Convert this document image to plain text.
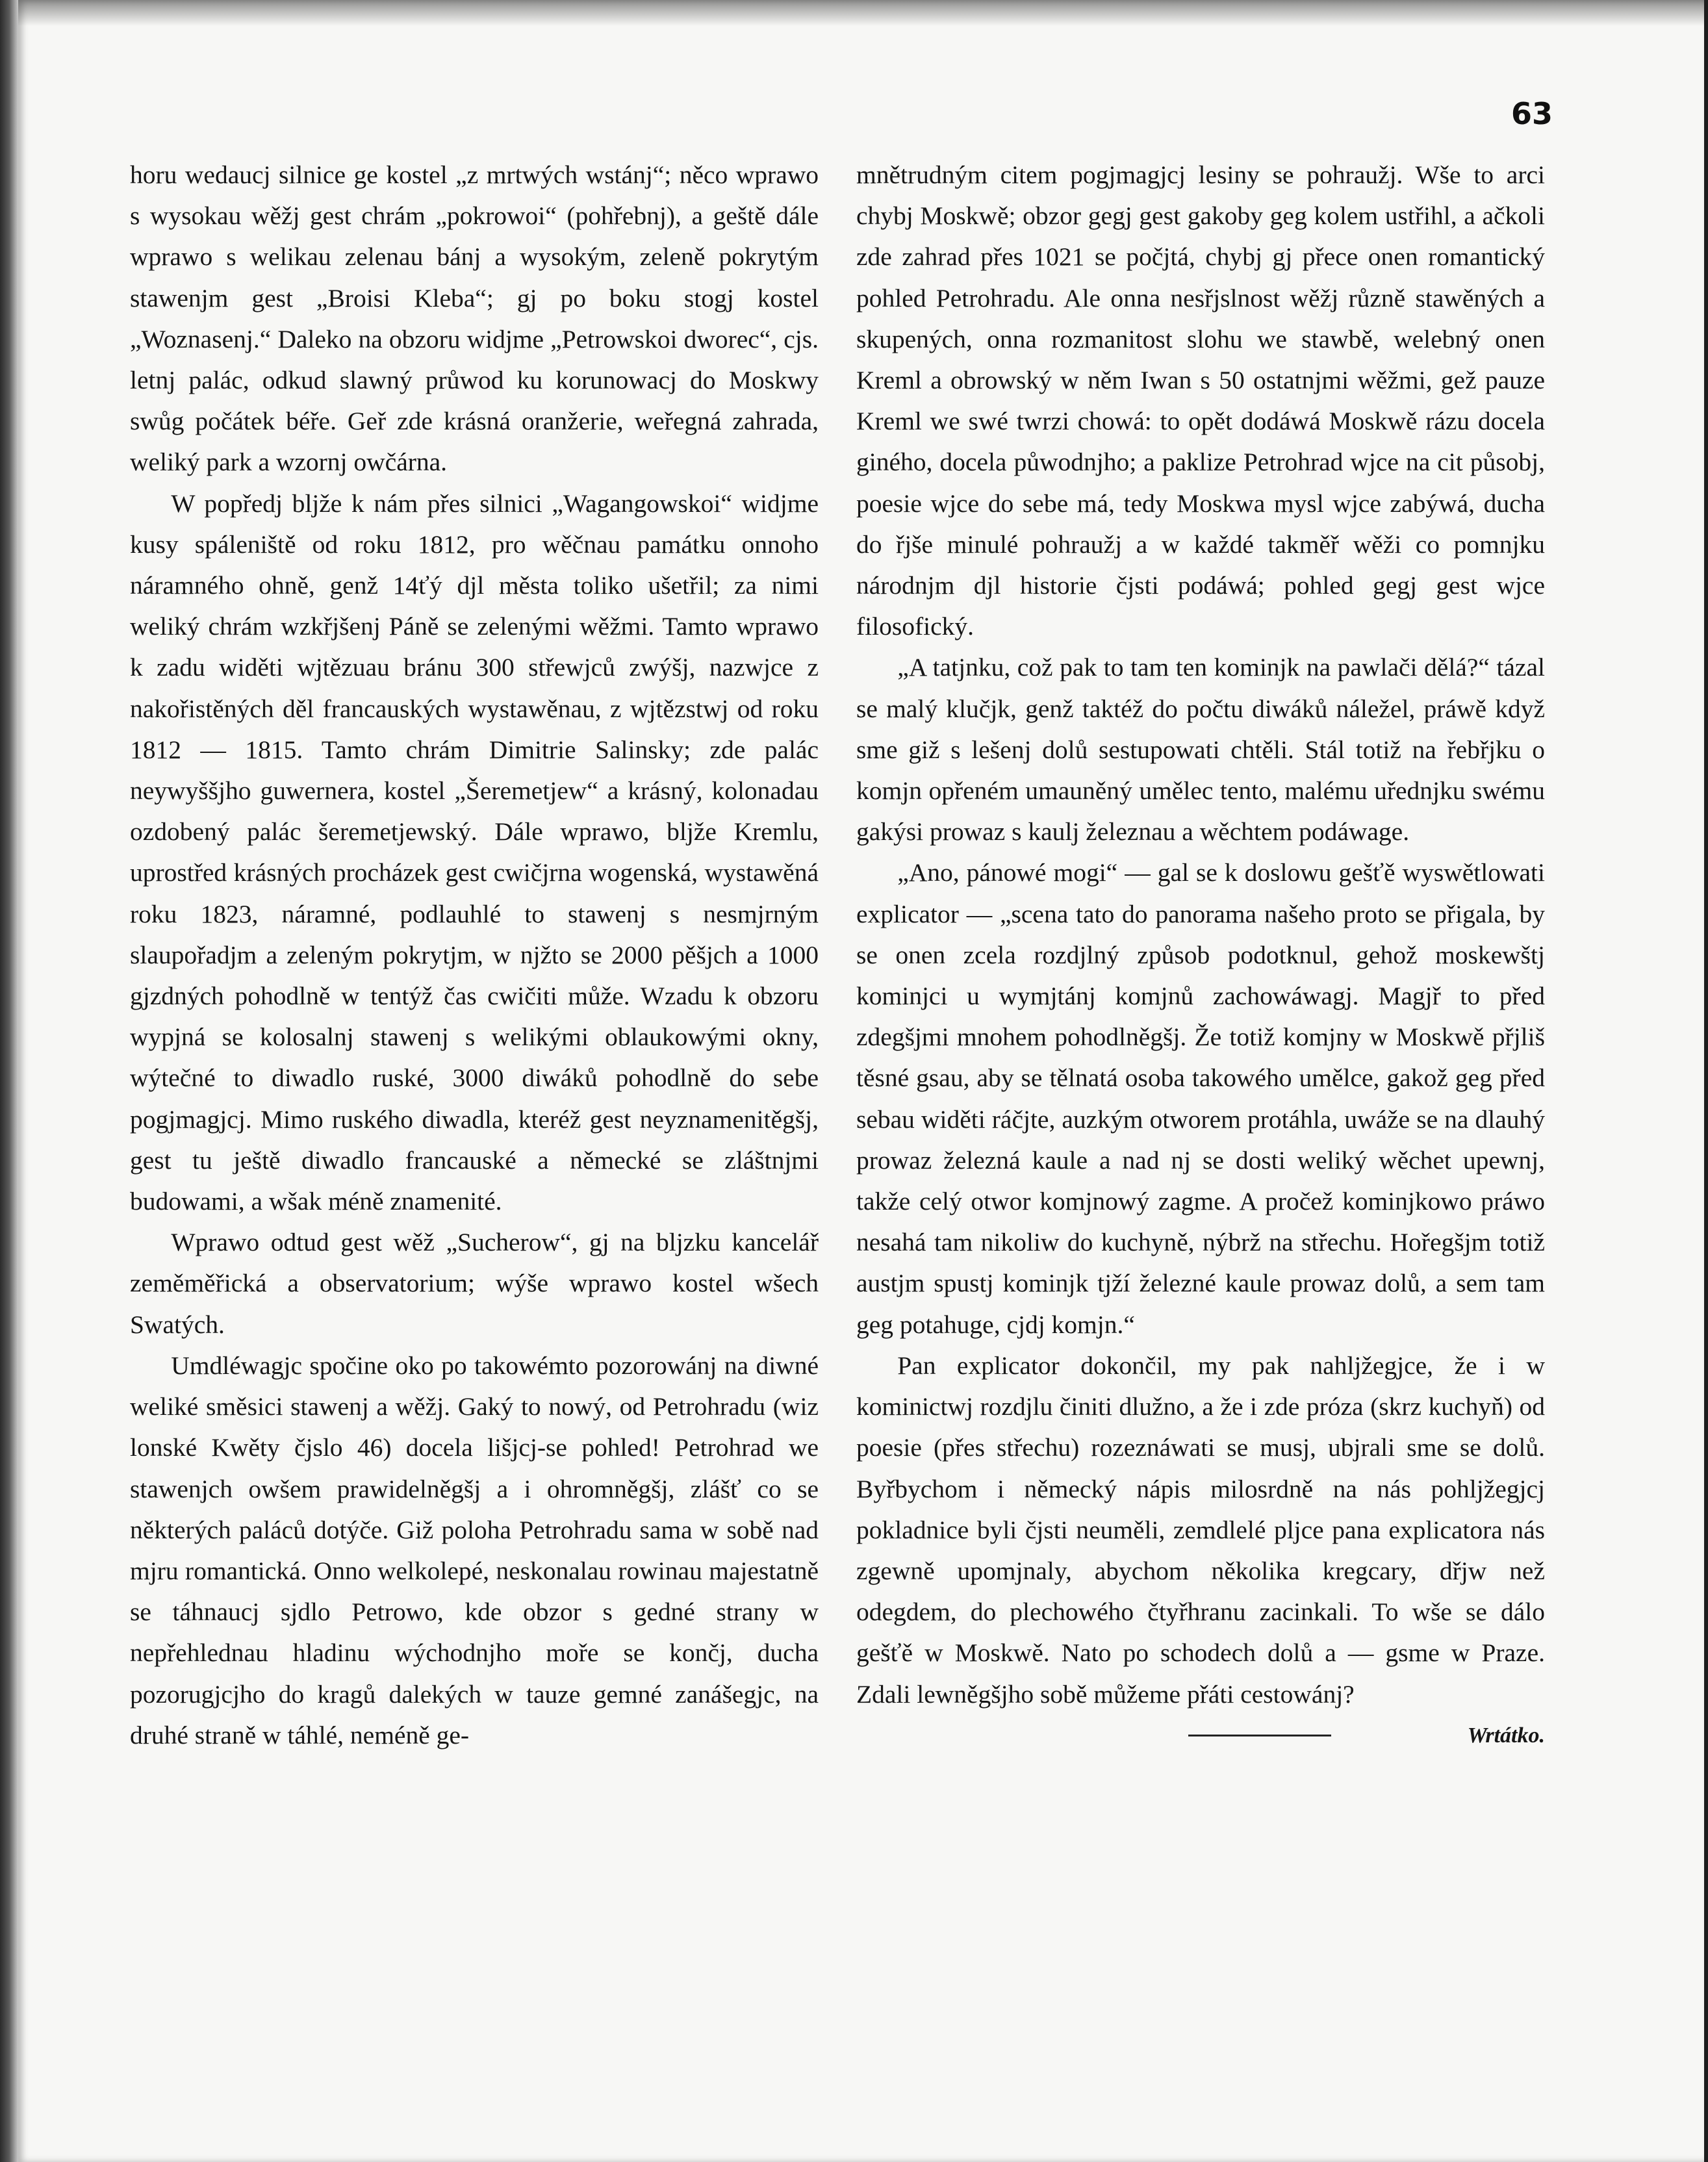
63

horu wedaucj silnice ge kostel „z mrtwých wstánj“; něco wprawo s wysokau wěžj gest chrám „pokrowoi“ (pohřebnj), a geště dále wprawo s welikau zelenau bánj a wysokým, zeleně pokrytým stawenjm gest „Broisi Kleba“; gj po boku stogj kostel „Woznasenj.“ Daleko na obzoru widjme „Petrowskoi dworec“, cjs. letnj palác, odkud slawný průwod ku korunowacj do Moskwy swůg počátek béře. Geř zde krásná oranžerie, weřegná zahrada, weliký park a wzornj owčárna.

W popředj bljže k nám přes silnici „Wagangowskoi“ widjme kusy spáleniště od roku 1812, pro wěčnau památku onnoho náramného ohně, genž 14ťý djl města toliko ušetřil; za nimi weliký chrám wzkřjšenj Páně se zelenými wěžmi. Tamto wprawo k zadu widěti wjtězuau bránu 300 střewjců zwýšj, nazwjce z nakořistěných děl francauských wystawěnau, z wjtězstwj od roku 1812 — 1815. Tamto chrám Dimitrie Salinsky; zde palác neywyššjho guwernera, kostel „Šeremetjew“ a krásný, kolonadau ozdobený palác šeremetjewský. Dále wprawo, bljže Kremlu, uprostřed krásných procházek gest cwičjrna wogenská, wystawěná roku 1823, náramné, podlauhlé to stawenj s nesmjrným slaupořadjm a zeleným pokrytjm, w njžto se 2000 pěšjch a 1000 gjzdných pohodlně w tentýž čas cwičiti může. Wzadu k obzoru wypjná se kolosalnj stawenj s welikými oblaukowými okny, wýtečné to diwadlo ruské, 3000 diwáků pohodlně do sebe pogjmagjcj. Mimo ruského diwadla, kteréž gest neyznamenitěgšj, gest tu ještě diwadlo francauské a německé se zláštnjmi budowami, a wšak méně znamenité.

Wprawo odtud gest wěž „Sucherow“, gj na bljzku kancelář zeměměřická a observatorium; wýše wprawo kostel wšech Swatých.

Umdléwagjc spočine oko po takowémto pozorowánj na diwné weliké směsici stawenj a wěžj. Gaký to nowý, od Petrohradu (wiz lonské Kwěty čjslo 46) docela lišjcj-se pohled! Petrohrad we stawenjch owšem prawidelněgšj a i ohromněgšj, zlášť co se některých paláců dotýče. Giž poloha Petrohradu sama w sobě nad mjru romantická. Onno welkolepé, neskonalau rowinau majestatně se táhnaucj sjdlo Petrowo, kde obzor s gedné strany w nepřehlednau hladinu wýchodnjho moře se končj, ducha pozorugjcjho do kragů dalekých w tauze gemné zanášegjc, na druhé straně w táhlé, neméně ge-

mnětrudným citem pogjmagjcj lesiny se pohraužj. Wše to arci chybj Moskwě; obzor gegj gest gakoby geg kolem ustřihl, a ačkoli zde zahrad přes 1021 se počjtá, chybj gj přece onen romantický pohled Petrohradu. Ale onna nesřjslnost wěžj různě stawěných a skupených, onna rozmanitost slohu we stawbě, welebný onen Kreml a obrowský w něm Iwan s 50 ostatnjmi wěžmi, gež pauze Kreml we swé twrzi chowá: to opět dodáwá Moskwě rázu docela giného, docela půwodnjho; a paklize Petrohrad wjce na cit působj, poesie wjce do sebe má, tedy Moskwa mysl wjce zabýwá, ducha do řjše minulé pohraužj a w každé takměř wěži co pomnjku národnjm djl historie čjsti podáwá; pohled gegj gest wjce filosofický.

„A tatjnku, což pak to tam ten kominjk na pawlači dělá?“ tázal se malý klučjk, genž taktéž do počtu diwáků náležel, práwě když sme giž s lešenj dolů sestupowati chtěli. Stál totiž na řebřjku o komjn opřeném umauněný umělec tento, malému uřednjku swému gakýsi prowaz s kaulj železnau a wěchtem podáwage.

„Ano, pánowé mogi“ — gal se k doslowu gešťě wyswětlowati explicator — „scena tato do panorama našeho proto se přigala, by se onen zcela rozdjlný způsob podotknul, gehož moskewštj kominjci u wymjtánj komjnů zachowáwagj. Magjř to před zdegšjmi mnohem pohodlněgšj. Že totiž komjny w Moskwě přjliš těsné gsau, aby se tělnatá osoba takowého umělce, gakož geg před sebau widěti ráčjte, auzkým otworem protáhla, uwáže se na dlauhý prowaz železná kaule a nad nj se dosti weliký wěchet upewnj, takže celý otwor komjnowý zagme. A pročež kominjkowo práwo nesahá tam nikoliw do kuchyně, nýbrž na střechu. Hořegšjm totiž austjm spustj kominjk tjží železné kaule prowaz dolů, a sem tam geg potahuge, cjdj komjn.“

Pan explicator dokončil, my pak nahljžegjce, že i w kominictwj rozdjlu činiti dlužno, a že i zde próza (skrz kuchyň) od poesie (přes střechu) rozeznáwati se musj, ubjrali sme se dolů. Byřbychom i německý nápis milosrdně na nás pohljžegjcj pokladnice byli čjsti neuměli, zemdlelé pljce pana explicatora nás zgewně upomjnaly, abychom několika kregcary, dřjw než odegdem, do plechowého čtyřhranu zacinkali. To wše se dálo gešťě w Moskwě. Nato po schodech dolů a — gsme w Praze. Zdali lewněgšjho sobě můžeme přáti cestowánj?

Wrtátko.
